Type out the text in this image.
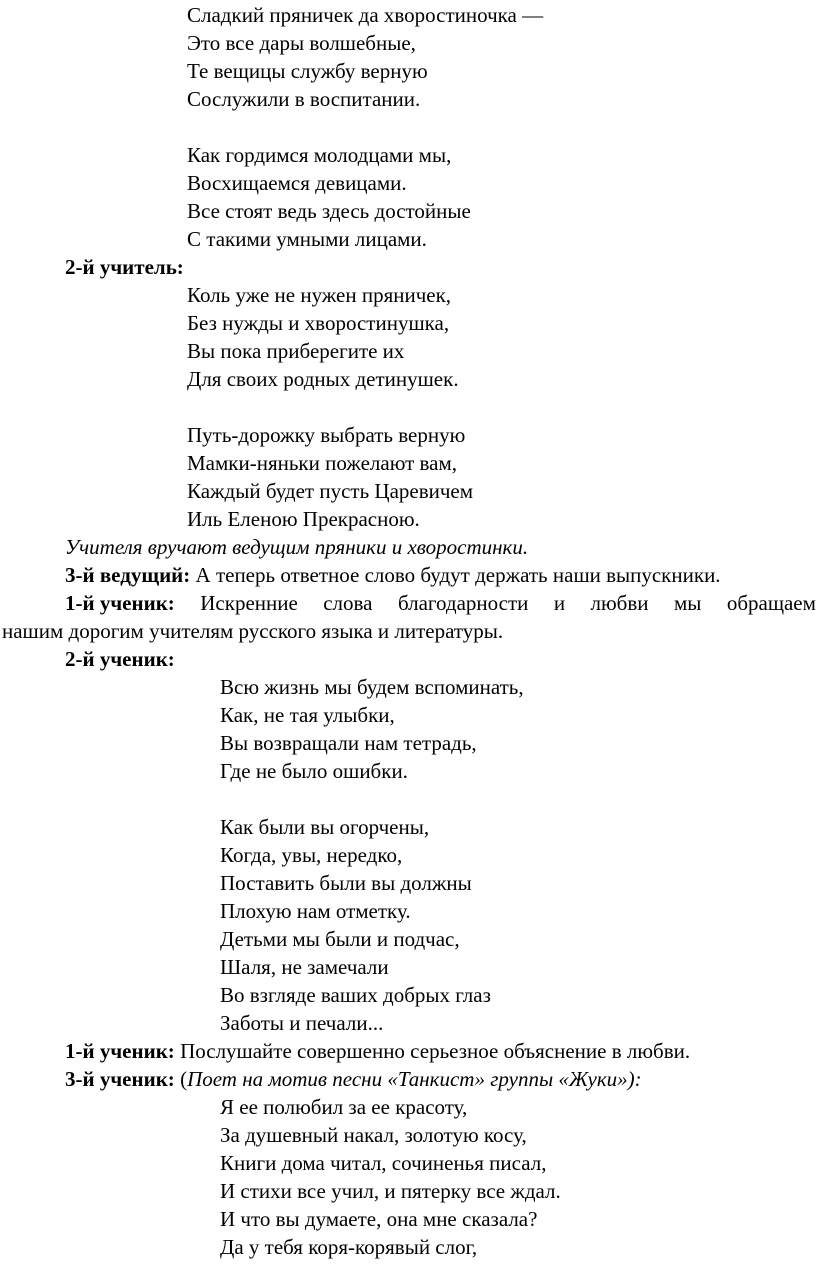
Сладкий пряничек да хворостиночка —
Это все дары волшебные,
Те вещицы службу верную
Сослужили в воспитании.
Как гордимся молодцами мы,
Восхищаемся девицами.
Все стоят ведь здесь достойные
С такими умными лицами.
2-й учитель:
Коль уже не нужен пряничек,
Без нужды и хворостинушка,
Вы пока приберегите их
Для своих родных детинушек.
Путь-дорожку выбрать верную
Мамки-няньки пожелают вам,
Каждый будет пусть Царевичем
Иль Еленою Прекрасною.
Учителя вручают ведущим пряники и хворостинки.
3-й ведущий: А теперь ответное слово будут держать наши выпускники.
1-й ученик: Искренние слова благодарности и любви мы обращаем
нашим дорогим учителям русского языка и литературы.
2-й ученик:
Всю жизнь мы будем вспоминать,
Как, не тая улыбки,
Вы возвращали нам тетрадь,
Где не было ошибки.
Как были вы огорчены,
Когда, увы, нередко,
Поставить были вы должны
Плохую нам отметку.
Детьми мы были и подчас,
Шаля, не замечали
Во взгляде ваших добрых глаз
Заботы и печали...
1-й ученик: Послушайте совершенно серьезное объяснение в любви.
3-й ученик: (Поет на мотив песни «Танкист» группы «Жуки»):
Я ее полюбил за ее красоту,
За душевный накал, золотую косу,
Книги дома читал, сочиненья писал,
И стихи все учил, и пятерку все ждал.
И что вы думаете, она мне сказала?
Да у тебя коря-корявый слог,
